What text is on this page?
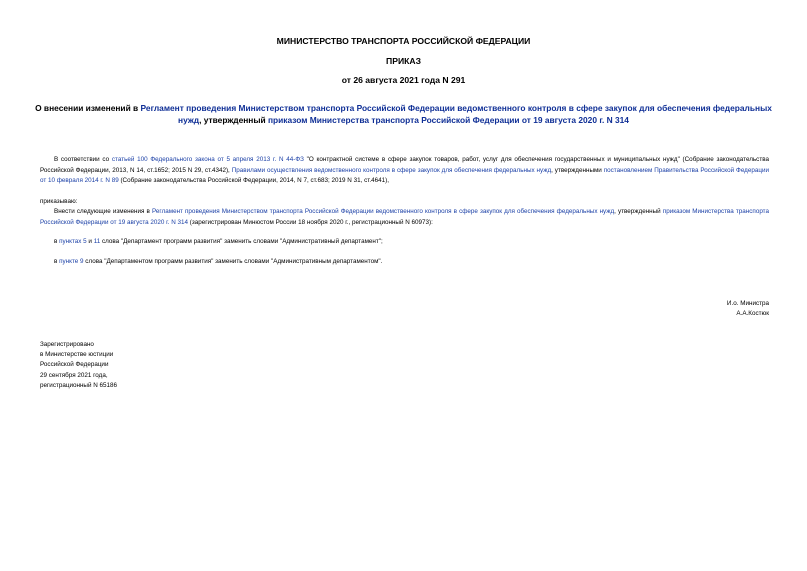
МИНИСТЕРСТВО ТРАНСПОРТА РОССИЙСКОЙ ФЕДЕРАЦИИ
ПРИКАЗ
от 26 августа 2021 года N 291
О внесении изменений в Регламент проведения Министерством транспорта Российской Федерации ведомственного контроля в сфере закупок для обеспечения федеральных нужд, утвержденный приказом Министерства транспорта Российской Федерации от 19 августа 2020 г. N 314
В соответствии со статьей 100 Федерального закона от 5 апреля 2013 г. N 44-ФЗ "О контрактной системе в сфере закупок товаров, работ, услуг для обеспечения государственных и муниципальных нужд" (Собрание законодательства Российской Федерации, 2013, N 14, ст.1652; 2015 N 29, ст.4342), Правилами осуществления ведомственного контроля в сфере закупок для обеспечения федеральных нужд, утвержденными постановлением Правительства Российской Федерации от 10 февраля 2014 г. N 89 (Собрание законодательства Российской Федерации, 2014, N 7, ст.683; 2019 N 31, ст.4641),
приказываю:
Внести следующие изменения в Регламент проведения Министерством транспорта Российской Федерации ведомственного контроля в сфере закупок для обеспечения федеральных нужд, утвержденный приказом Министерства транспорта Российской Федерации от 19 августа 2020 г. N 314 (зарегистрирован Минюстом России 18 ноября 2020 г., регистрационный N 60973):
в пунктах 5 и 11 слова "Департамент программ развития" заменить словами "Административный департамент";
в пункте 9 слова "Департаментом программ развития" заменить словами "Административным департаментом".
И.о. Министра
А.А.Костюк
Зарегистрировано
в Министерстве юстиции
Российской Федерации
29 сентября 2021 года,
регистрационный N 65186
